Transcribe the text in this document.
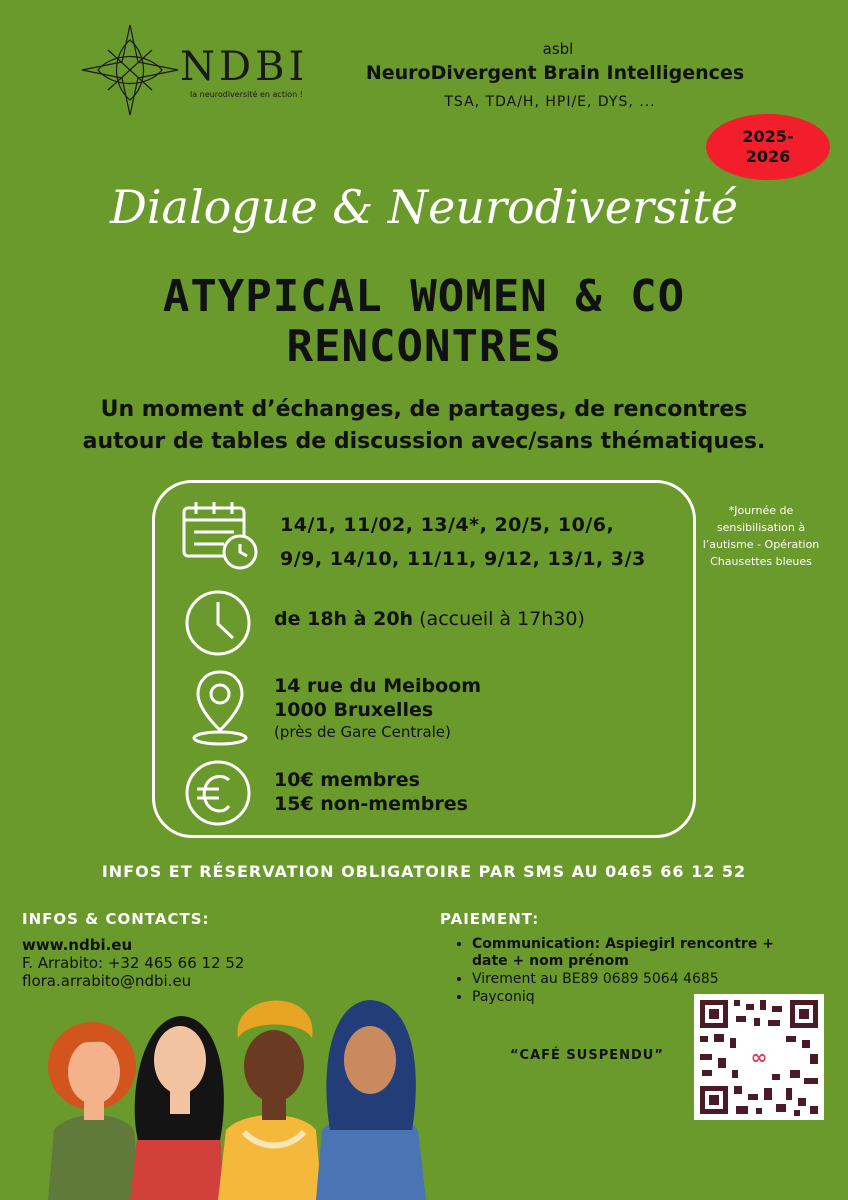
NDBI
la neurodiversité en action !
asbl
NeuroDivergent Brain Intelligences
TSA, TDA/H, HPI/E, DYS, ...
2025-
2026
Dialogue & Neurodiversité
ATYPICAL WOMEN & CO
RENCONTRES
Un moment d’échanges, de partages, de rencontres
autour de tables de discussion avec/sans thématiques.
14/1, 11/02, 13/4*, 20/5, 10/6,
9/9, 14/10, 11/11, 9/12, 13/1, 3/3
de 18h à 20h (accueil à 17h30)
14 rue du Meiboom
1000 Bruxelles
(près de Gare Centrale)
10€ membres
15€ non-membres
*Journée de sensibilisation à l’autisme - Opération Chausettes bleues
INFOS ET RÉSERVATION OBLIGATOIRE PAR SMS AU 0465 66 12 52
INFOS & CONTACTS:
www.ndbi.eu
F. Arrabito: +32 465 66 12 52
flora.arrabito@ndbi.eu
PAIEMENT:
• Communication: Aspiegirl rencontre + date + nom prénom
• Virement au BE89 0689 5064 4685
• Payconiq
“CAFÉ SUSPENDU”	∞
